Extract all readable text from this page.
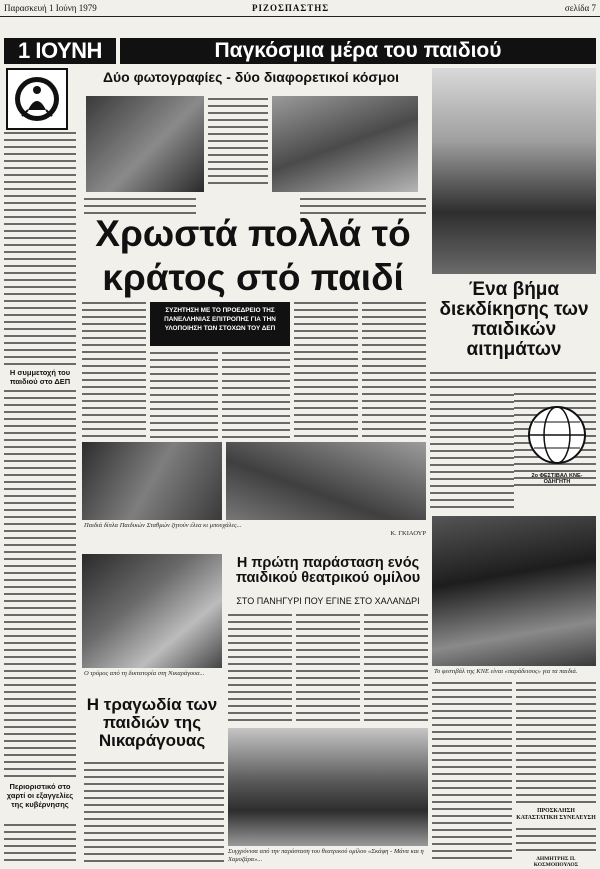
Παρασκευή 1 Ιούνη 1979	ΡΙΖΟΣΠΑΣΤΗΣ	σελίδα 7
1 ΙΟΥΝΗ	Παγκόσμια μέρα του παιδιού
Η συμμετοχή του παιδιού στο ΔΕΠ
Περιοριστικό στο χαρτί οι εξαγγελίες της κυβέρνησης
Δύο φωτογραφίες - δύο διαφορετικοί κόσμοι
Ένα βήμα διεκδίκησης των παιδικών αιτημάτων
Χρωστά πολλά τό
κράτος στό παιδί
ΣΥΖΗΤΗΣΗ ΜΕ ΤΟ ΠΡΟΕΔΡΕΙΟ ΤΗΣ ΠΑΝΕΛΛΗΝΙΑΣ ΕΠΙΤΡΟΠΗΣ ΓΙΑ ΤΗΝ ΥΛΟΠΟΙΗΣΗ ΤΩΝ ΣΤΟΧΩΝ ΤΟΥ ΔΕΠ
Παιδιά δίπλα Παιδικών Σταθμών ζητούν έλεα κι μπουχάλες...
Κ. ΓΚΙΑΟΥΡ
2ο ΦΕΣΤΙΒΑΛ ΚΝΕ-ΟΔΗΓΗΤΗ
Το φεστιβάλ της ΚΝΕ είναι «παράδεισος» για τα παιδιά.
ΠΡΟΣΚΛΗΣΗ ΚΑΤΑΣΤΑΤΙΚΗ ΣΥΝΕΛΕΥΣΗ
ΔΗΜΗΤΡΗΣ Π. ΚΟΣΜΟΠΟΥΛΟΣ
Ο τρόμος από τη δικτατορία στη Νικαράγουα...
Η τραγωδία των παιδιών της Νικαράγουας
Η πρώτη παράσταση ενός παιδικού θεατρικού ομίλου
ΣΤΟ ΠΑΝΗΓΥΡΙ ΠΟΥ ΕΓΙΝΕ ΣΤΟ ΧΑΛΑΝΔΡΙ
Συγχρόνισα από την παράσταση του θεατρικού ομίλου «Σκάφη - Μάνα και η Χαμοζάρα»...
